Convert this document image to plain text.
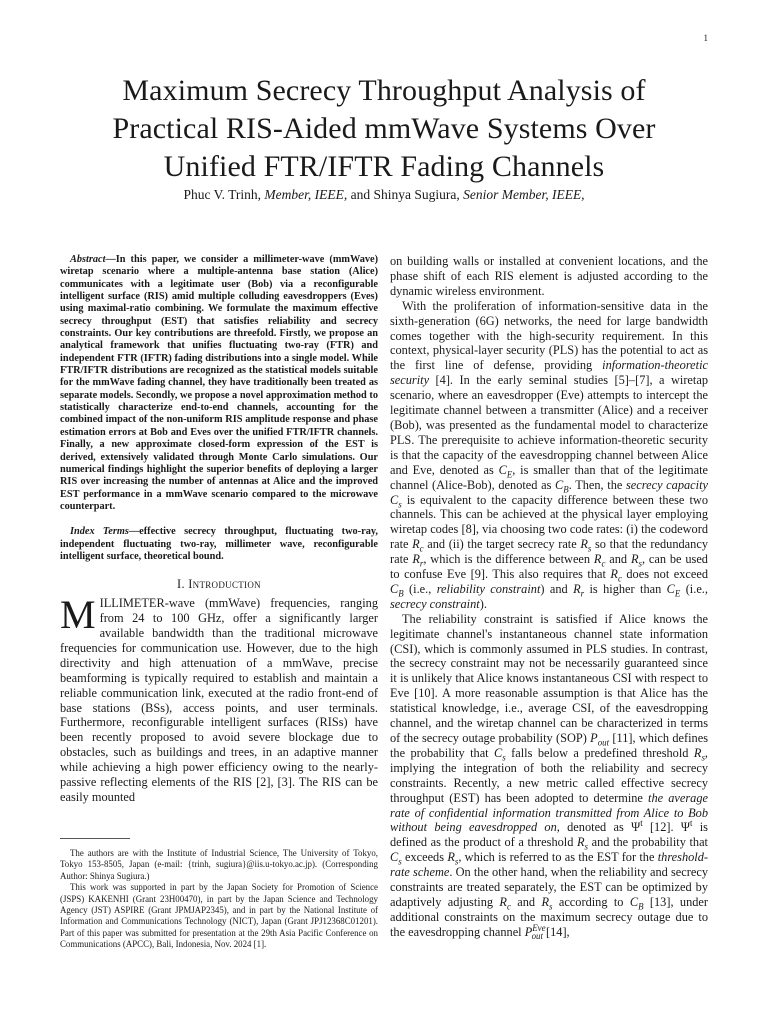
1
Maximum Secrecy Throughput Analysis of
Practical RIS-Aided mmWave Systems Over
Unified FTR/IFTR Fading Channels

Phuc V. Trinh, Member, IEEE, and Shinya Sugiura, Senior Member, IEEE,

Abstract—In this paper, we consider a millimeter-wave (mmWave) wiretap scenario where a multiple-antenna base station (Alice) communicates with a legitimate user (Bob) via a reconfigurable intelligent surface (RIS) amid multiple colluding eavesdroppers (Eves) using maximal-ratio combining. We formulate the maximum effective secrecy throughput (EST) that satisfies reliability and secrecy constraints. Our key contributions are threefold. Firstly, we propose an analytical framework that unifies fluctuating two-ray (FTR) and independent FTR (IFTR) fading distributions into a single model. While FTR/IFTR distributions are recognized as the statistical models suitable for the mmWave fading channel, they have traditionally been treated as separate models. Secondly, we propose a novel approximation method to statistically characterize end-to-end channels, accounting for the combined impact of the non-uniform RIS amplitude response and phase estimation errors at Bob and Eves over the unified FTR/IFTR channels. Finally, a new approximate closed-form expression of the EST is derived, extensively validated through Monte Carlo simulations. Our numerical findings highlight the superior benefits of deploying a larger RIS over increasing the number of antennas at Alice and the improved EST performance in a mmWave scenario compared to the microwave counterpart.

Index Terms—effective secrecy throughput, fluctuating two-ray, independent fluctuating two-ray, millimeter wave, reconfigurable intelligent surface, theoretical bound.

I. Introduction

MILLIMETER-wave (mmWave) frequencies, ranging from 24 to 100 GHz, offer a significantly larger available bandwidth than the traditional microwave frequencies for communication use. However, due to the high directivity and high attenuation of a mmWave, precise beamforming is typically required to establish and maintain a reliable communication link, executed at the radio front-end of base stations (BSs), access points, and user terminals. Furthermore, reconfigurable intelligent surfaces (RISs) have been recently proposed to avoid severe blockage due to obstacles, such as buildings and trees, in an adaptive manner while achieving a high power efficiency owing to the nearly-passive reflecting elements of the RIS [2], [3]. The RIS can be easily mounted

The authors are with the Institute of Industrial Science, The University of Tokyo, Tokyo 153-8505, Japan (e-mail: {trinh, sugiura}@iis.u-tokyo.ac.jp). (Corresponding Author: Shinya Sugiura.)

This work was supported in part by the Japan Society for Promotion of Science (JSPS) KAKENHI (Grant 23H00470), in part by the Japan Science and Technology Agency (JST) ASPIRE (Grant JPMJAP2345), and in part by the National Institute of Information and Communications Technology (NICT), Japan (Grant JPJ12368C01201). Part of this paper was submitted for presentation at the 29th Asia Pacific Conference on Communications (APCC), Bali, Indonesia, Nov. 2024 [1].

on building walls or installed at convenient locations, and the phase shift of each RIS element is adjusted according to the dynamic wireless environment.

With the proliferation of information-sensitive data in the sixth-generation (6G) networks, the need for large bandwidth comes together with the high-security requirement. In this context, physical-layer security (PLS) has the potential to act as the first line of defense, providing information-theoretic security [4]. In the early seminal studies [5]–[7], a wiretap scenario, where an eavesdropper (Eve) attempts to intercept the legitimate channel between a transmitter (Alice) and a receiver (Bob), was presented as the fundamental model to characterize PLS. The prerequisite to achieve information-theoretic security is that the capacity of the eavesdropping channel between Alice and Eve, denoted as $C_E$, is smaller than that of the legitimate channel (Alice-Bob), denoted as $C_B$. Then, the secrecy capacity $C_s$ is equivalent to the capacity difference between these two channels. This can be achieved at the physical layer employing wiretap codes [8], via choosing two code rates: (i) the codeword rate $R_c$ and (ii) the target secrecy rate $R_s$ so that the redundancy rate $R_r$, which is the difference between $R_c$ and $R_s$, can be used to confuse Eve [9]. This also requires that $R_c$ does not exceed $C_B$ (i.e., reliability constraint) and $R_r$ is higher than $C_E$ (i.e., secrecy constraint).

The reliability constraint is satisfied if Alice knows the legitimate channel's instantaneous channel state information (CSI), which is commonly assumed in PLS studies. In contrast, the secrecy constraint may not be necessarily guaranteed since it is unlikely that Alice knows instantaneous CSI with respect to Eve [10]. A more reasonable assumption is that Alice has the statistical knowledge, i.e., average CSI, of the eavesdropping channel, and the wiretap channel can be characterized in terms of the secrecy outage probability (SOP) $P_{out}$ [11], which defines the probability that $C_s$ falls below a predefined threshold $R_s$, implying the integration of both the reliability and secrecy constraints. Recently, a new metric called effective secrecy throughput (EST) has been adopted to determine the average rate of confidential information transmitted from Alice to Bob without being eavesdropped on, denoted as $\Psi^t$ [12]. $\Psi^t$ is defined as the product of a threshold $R_s$ and the probability that $C_s$ exceeds $R_s$, which is referred to as the EST for the threshold-rate scheme. On the other hand, when the reliability and secrecy constraints are treated separately, the EST can be optimized by adaptively adjusting $R_c$ and $R_s$ according to $C_B$ [13], under additional constraints on the maximum secrecy outage due to the eavesdropping channel $P^{Eve}_{out}$ [14],
